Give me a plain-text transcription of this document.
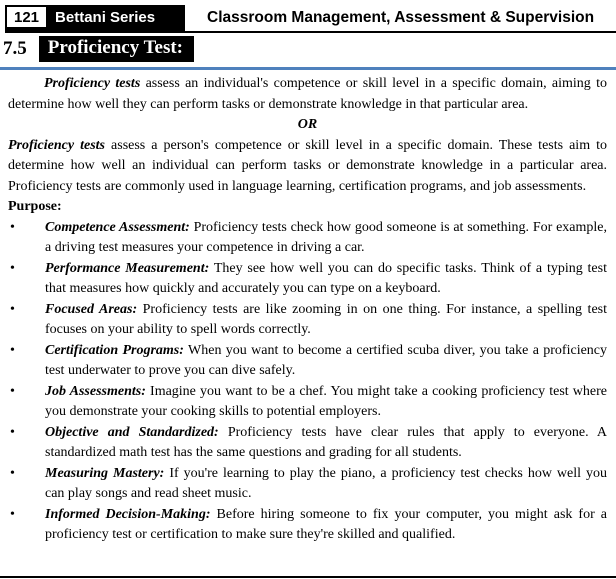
121	Bettani Series	Classroom Management, Assessment & Supervision
7.5	Proficiency Test:

Proficiency tests assess an individual's competence or skill level in a specific domain, aiming to determine how well they can perform tasks or demonstrate knowledge in that particular area.

OR

Proficiency tests assess a person's competence or skill level in a specific domain. These tests aim to determine how well an individual can perform tasks or demonstrate knowledge in a particular area. Proficiency tests are commonly used in language learning, certification programs, and job assessments.

Purpose:

• Competence Assessment: Proficiency tests check how good someone is at something. For example, a driving test measures your competence in driving a car.
• Performance Measurement: They see how well you can do specific tasks. Think of a typing test that measures how quickly and accurately you can type on a keyboard.
• Focused Areas: Proficiency tests are like zooming in on one thing. For instance, a spelling test focuses on your ability to spell words correctly.
• Certification Programs: When you want to become a certified scuba diver, you take a proficiency test underwater to prove you can dive safely.
• Job Assessments: Imagine you want to be a chef. You might take a cooking proficiency test where you demonstrate your cooking skills to potential employers.
• Objective and Standardized: Proficiency tests have clear rules that apply to everyone. A standardized math test has the same questions and grading for all students.
• Measuring Mastery: If you're learning to play the piano, a proficiency test checks how well you can play songs and read sheet music.
• Informed Decision-Making: Before hiring someone to fix your computer, you might ask for a proficiency test or certification to make sure they're skilled and qualified.
